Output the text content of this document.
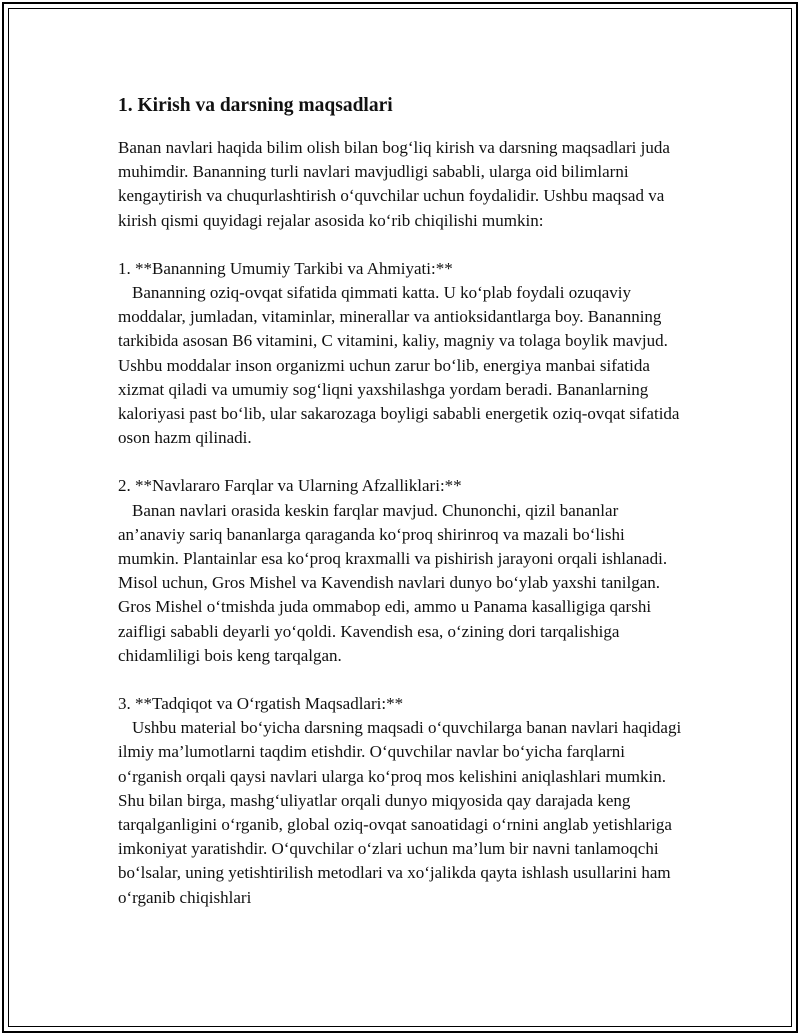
1. Kirish va darsning maqsadlari

Banan navlari haqida bilim olish bilan bog‘liq kirish va darsning maqsadlari juda muhimdir. Bananning turli navlari mavjudligi sababli, ularga oid bilimlarni kengaytirish va chuqurlashtirish o‘quvchilar uchun foydalidir. Ushbu maqsad va kirish qismi quyidagi rejalar asosida ko‘rib chiqilishi mumkin:

1. **Bananning Umumiy Tarkibi va Ahmiyati:**
Bananning oziq-ovqat sifatida qimmati katta. U ko‘plab foydali ozuqaviy moddalar, jumladan, vitaminlar, minerallar va antioksidantlarga boy. Bananning tarkibida asosan B6 vitamini, C vitamini, kaliy, magniy va tolaga boylik mavjud. Ushbu moddalar inson organizmi uchun zarur bo‘lib, energiya manbai sifatida xizmat qiladi va umumiy sog‘liqni yaxshilashga yordam beradi. Bananlarning kaloriyasi past bo‘lib, ular sakarozaga boyligi sababli energetik oziq-ovqat sifatida oson hazm qilinadi.
2. **Navlararo Farqlar va Ularning Afzalliklari:**
Banan navlari orasida keskin farqlar mavjud. Chunonchi, qizil bananlar an’anaviy sariq bananlarga qaraganda ko‘proq shirinroq va mazali bo‘lishi mumkin. Plantainlar esa ko‘proq kraxmalli va pishirish jarayoni orqali ishlanadi. Misol uchun, Gros Mishel va Kavendish navlari dunyo bo‘ylab yaxshi tanilgan. Gros Mishel o‘tmishda juda ommabop edi, ammo u Panama kasalligiga qarshi zaifligi sababli deyarli yo‘qoldi. Kavendish esa, o‘zining dori tarqalishiga chidamliligi bois keng tarqalgan.
3. **Tadqiqot va O‘rgatish Maqsadlari:**
Ushbu material bo‘yicha darsning maqsadi o‘quvchilarga banan navlari haqidagi ilmiy ma’lumotlarni taqdim etishdir. O‘quvchilar navlar bo‘yicha farqlarni o‘rganish orqali qaysi navlari ularga ko‘proq mos kelishini aniqlashlari mumkin. Shu bilan birga, mashg‘uliyatlar orqali dunyo miqyosida qay darajada keng tarqalganligini o‘rganib, global oziq-ovqat sanoatidagi o‘rnini anglab yetishlariga imkoniyat yaratishdir. O‘quvchilar o‘zlari uchun ma’lum bir navni tanlamoqchi bo‘lsalar, uning yetishtirilish metodlari va xo‘jalikda qayta ishlash usullarini ham o‘rganib chiqishlari
